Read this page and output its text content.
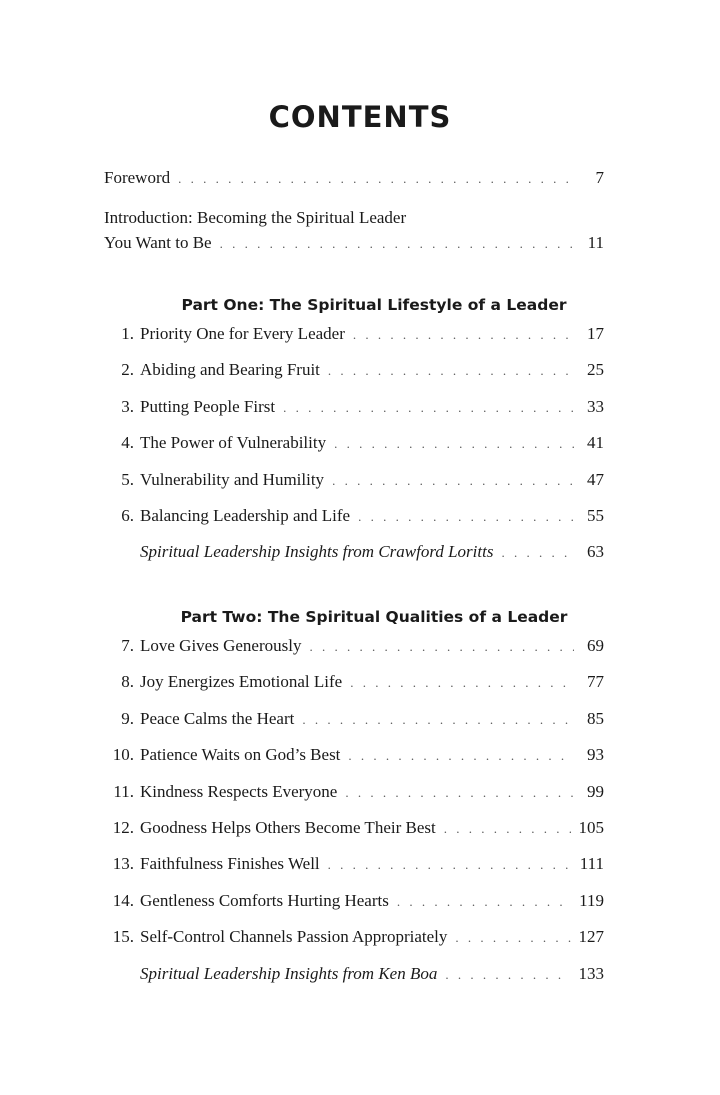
CONTENTS
Foreword . . .	7
Introduction: Becoming the Spiritual Leader
You Want to Be . . .	11
Part One: The Spiritual Lifestyle of a Leader
1. Priority One for Every Leader . . .	17
2. Abiding and Bearing Fruit . . .	25
3. Putting People First . . .	33
4. The Power of Vulnerability . . .	41
5. Vulnerability and Humility . . .	47
6. Balancing Leadership and Life . . .	55
Spiritual Leadership Insights from Crawford Loritts . . .	63
Part Two: The Spiritual Qualities of a Leader
7. Love Gives Generously . . .	69
8. Joy Energizes Emotional Life . . .	77
9. Peace Calms the Heart . . .	85
10. Patience Waits on God’s Best . . .	93
11. Kindness Respects Everyone . . .	99
12. Goodness Helps Others Become Their Best . . .	105
13. Faithfulness Finishes Well . . .	111
14. Gentleness Comforts Hurting Hearts . . .	119
15. Self-Control Channels Passion Appropriately . . .	127
Spiritual Leadership Insights from Ken Boa . . .	133
